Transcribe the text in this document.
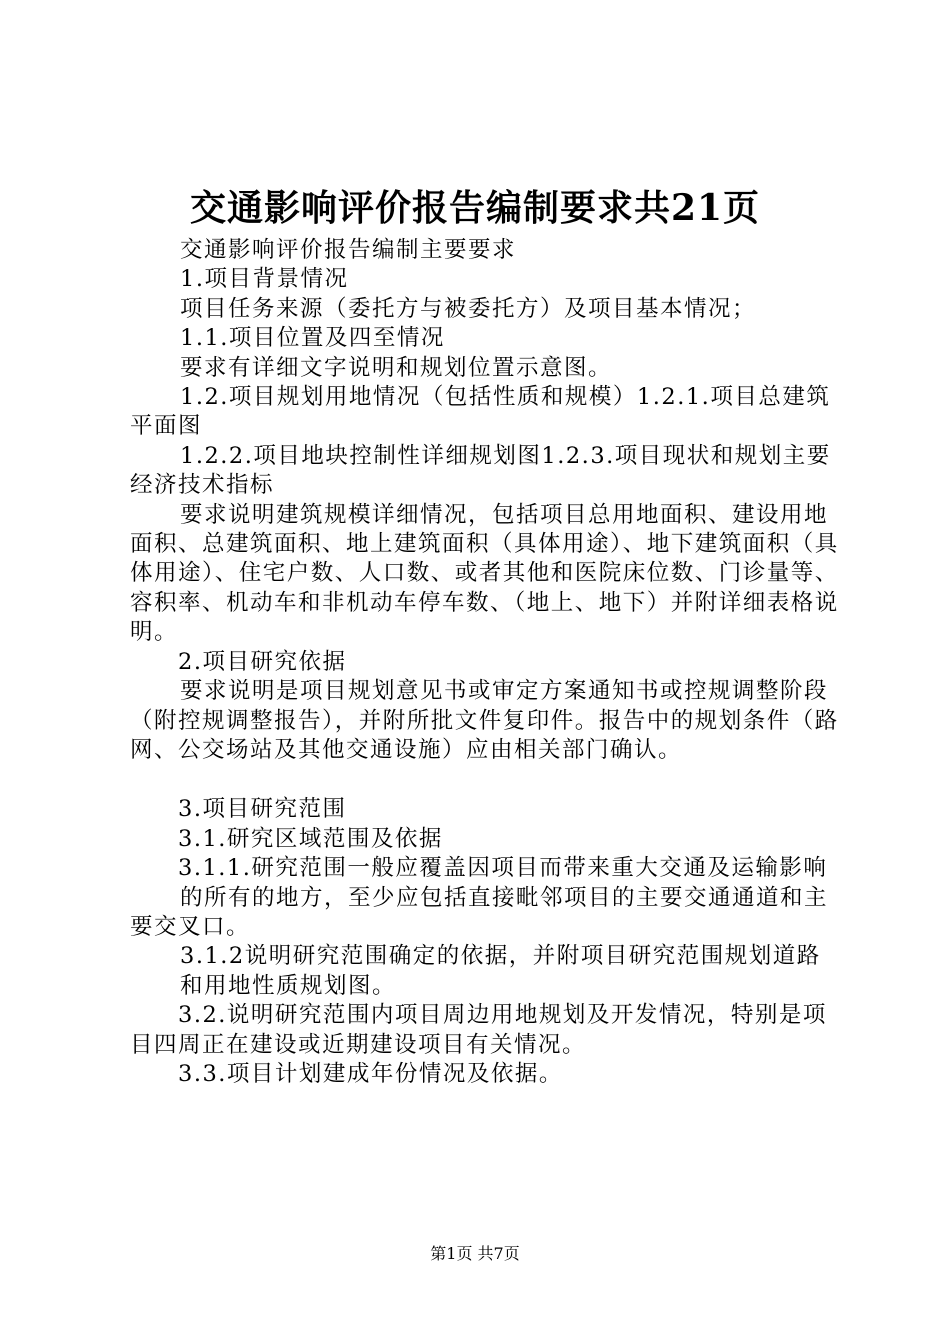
交通影响评价报告编制要求共21页

交通影响评价报告编制主要要求

1.项目背景情况

项目任务来源（委托方与被委托方）及项目基本情况；

1.1.项目位置及四至情况

要求有详细文字说明和规划位置示意图。

1.2.项目规划用地情况（包括性质和规模）1.2.1.项目总建筑平面图

1.2.2.项目地块控制性详细规划图1.2.3.项目现状和规划主要经济技术指标

要求说明建筑规模详细情况，包括项目总用地面积、建设用地面积、总建筑面积、地上建筑面积（具体用途）、地下建筑面积（具体用途）、住宅户数、人口数、或者其他和医院床位数、门诊量等、容积率、机动车和非机动车停车数、（地上、地下）并附详细表格说明。

2.项目研究依据

要求说明是项目规划意见书或审定方案通知书或控规调整阶段（附控规调整报告），并附所批文件复印件。报告中的规划条件（路网、公交场站及其他交通设施）应由相关部门确认。

3.项目研究范围

3.1.研究区域范围及依据

3.1.1.研究范围一般应覆盖因项目而带来重大交通及运输影响

的所有的地方，至少应包括直接毗邻项目的主要交通通道和主要交叉口。

3.1.2说明研究范围确定的依据，并附项目研究范围规划道路

和用地性质规划图。

3.2.说明研究范围内项目周边用地规划及开发情况，特别是项目四周正在建设或近期建设项目有关情况。

3.3.项目计划建成年份情况及依据。

第1页 共7页
